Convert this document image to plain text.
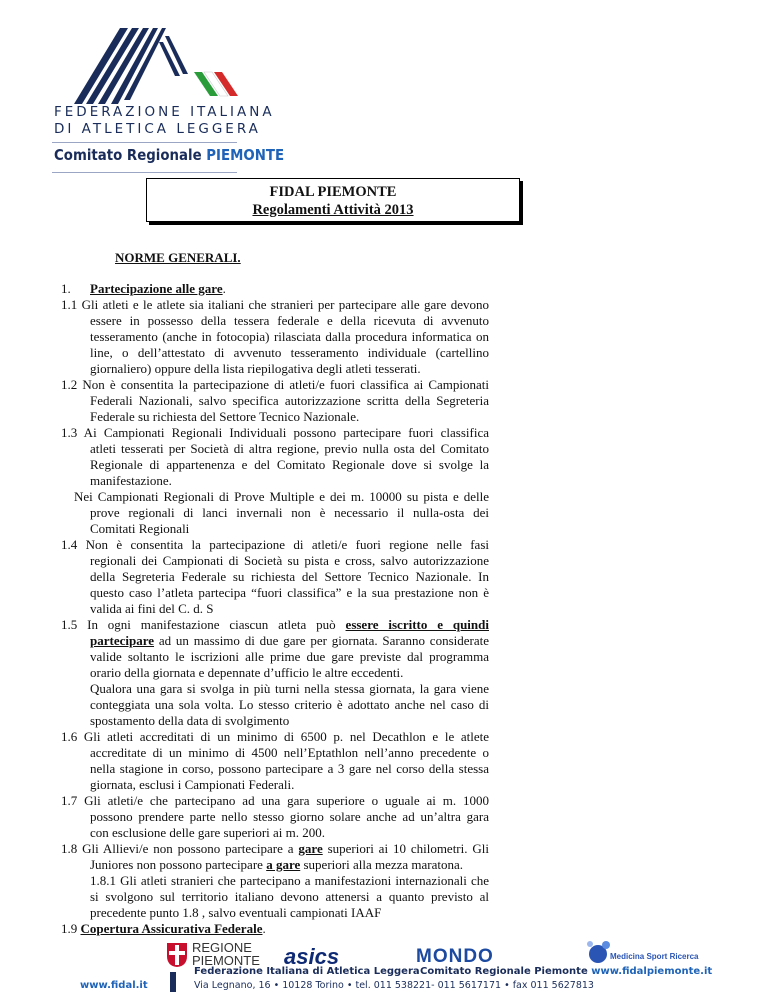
FEDERAZIONE ITALIANA
DI ATLETICA LEGGERA
Comitato Regionale PIEMONTE
FIDAL PIEMONTE
Regolamenti Attività 2013
NORME GENERALI.
1. Partecipazione alle gare.
1.1 Gli atleti e le atlete sia italiani che stranieri per partecipare alle gare devono
essere in possesso della tessera federale e della ricevuta di avvenuto
tesseramento (anche in fotocopia) rilasciata dalla procedura informatica on
line, o dell’attestato di avvenuto tesseramento individuale (cartellino
giornaliero) oppure della lista riepilogativa degli atleti tesserati.
1.2 Non è consentita la partecipazione di atleti/e fuori classifica ai Campionati
Federali Nazionali, salvo specifica autorizzazione scritta della Segreteria
Federale su richiesta del Settore Tecnico Nazionale.
1.3 Ai Campionati Regionali Individuali possono partecipare fuori classifica
atleti tesserati per Società di altra regione, previo nulla osta del Comitato
Regionale di appartenenza e del Comitato Regionale dove si svolge la
manifestazione.
Nei Campionati Regionali di Prove Multiple e dei m. 10000 su pista e delle
prove regionali di lanci invernali non è necessario il nulla-osta dei
Comitati Regionali
1.4 Non è consentita la partecipazione di atleti/e fuori regione nelle fasi
regionali dei Campionati di Società su pista e cross, salvo autorizzazione
della Segreteria Federale su richiesta del Settore Tecnico Nazionale. In
questo caso l’atleta partecipa “fuori classifica” e la sua prestazione non è
valida ai fini del C. d. S
1.5 In ogni manifestazione ciascun atleta può essere iscritto e quindi
partecipare ad un massimo di due gare per giornata. Saranno considerate
valide soltanto le iscrizioni alle prime due gare previste dal programma
orario della giornata e depennate d’ufficio le altre eccedenti.
Qualora una gara si svolga in più turni nella stessa giornata, la gara viene
conteggiata una sola volta. Lo stesso criterio è adottato anche nel caso di
spostamento della data di svolgimento
1.6 Gli atleti accreditati di un minimo di 6500 p. nel Decathlon e le atlete
accreditate di un minimo di 4500 nell’Eptathlon nell’anno precedente o
nella stagione in corso, possono partecipare a 3 gare nel corso della stessa
giornata, esclusi i Campionati Federali.
1.7 Gli atleti/e che partecipano ad una gara superiore o uguale ai m. 1000
possono prendere parte nello stesso giorno solare anche ad un’altra gara
con esclusione delle gare superiori ai m. 200.
1.8 Gli Allievi/e non possono partecipare a gare superiori ai 10 chilometri. Gli
Juniores non possono partecipare a gare superiori alla mezza maratona.
1.8.1 Gli atleti stranieri che partecipano a manifestazioni internazionali che
si svolgono sul territorio italiano devono attenersi a quanto previsto al
precedente punto 1.8 , salvo eventuali campionati IAAF
1.9 Copertura Assicurativa Federale.
REGIONE
PIEMONTE asics	MONDO	Medicina Sport Ricerca
Federazione Italiana di Atletica Leggera Comitato Regionale Piemonte www.fidalpiemonte.it
www.fidal.it	Via Legnano, 16 • 10128 Torino • tel. 011 538221- 011 5617171 • fax 011 5627813
